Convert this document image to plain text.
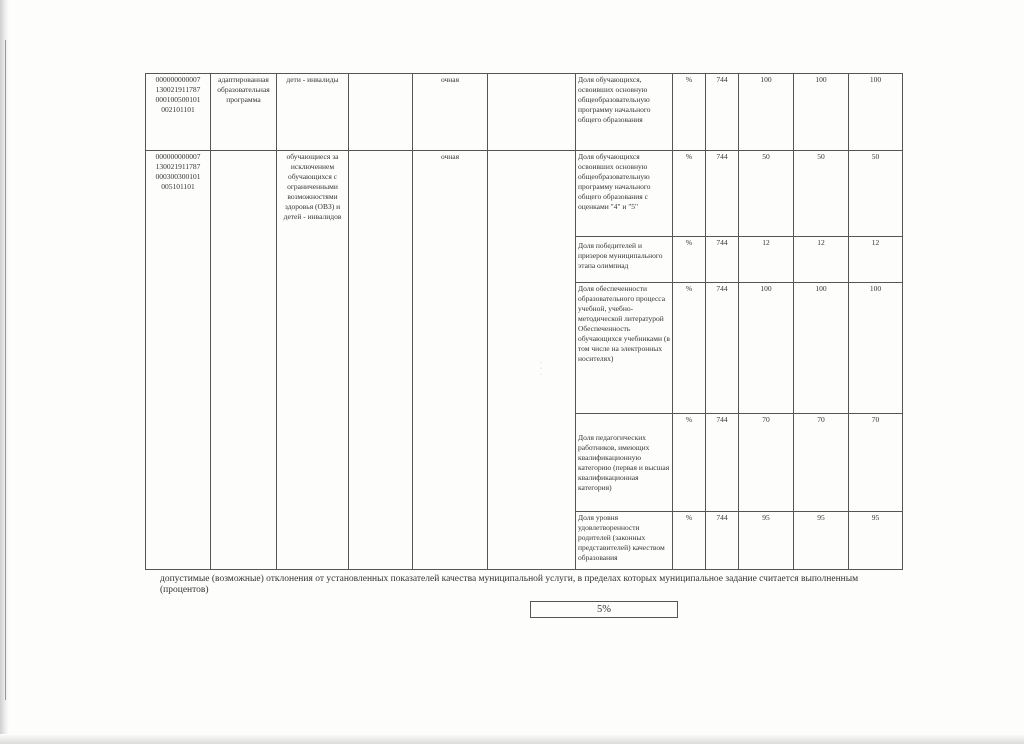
000000000007 130021911787 000100500101 002101101	адаптированная образовательная программа	дети - инвалиды		очная		Доля обучающихся, освоивших основную общеобразовательную программу начального общего образования	%	744	100	100	100
000000000007 130021911787 000300300101 005101101		обучающиеся за исключением обучающихся с ограниченными возможностями здоровья (ОВЗ) и детей - инвалидов		очная		Доля обучающихся освоивших основную общеобразовательную программу начального общего образования с оценками "4" и "5"	%	744	50	50	50
						Доля победителей и призеров муниципального этапа олимпиад	%	744	12	12	12
						Доля обеспеченности образовательного процесса учебной, учебно-методической литературой Обеспеченность обучающихся учебниками (в том числе на электронных носителях)	%	744	100	100	100
						Доля педагогических работников, имеющих квалификационную категорию (первая и высшая квалификационная категория)	%	744	70	70	70
						Доля уровня удовлетворенности родителей (законных представителей) качеством образования	%	744	95	95	95
·
·
·
допустимые (возможные) отклонения от установленных показателей качества муниципальной услуги, в пределах которых муниципальное задание считается выполненным
(процентов)
5%
